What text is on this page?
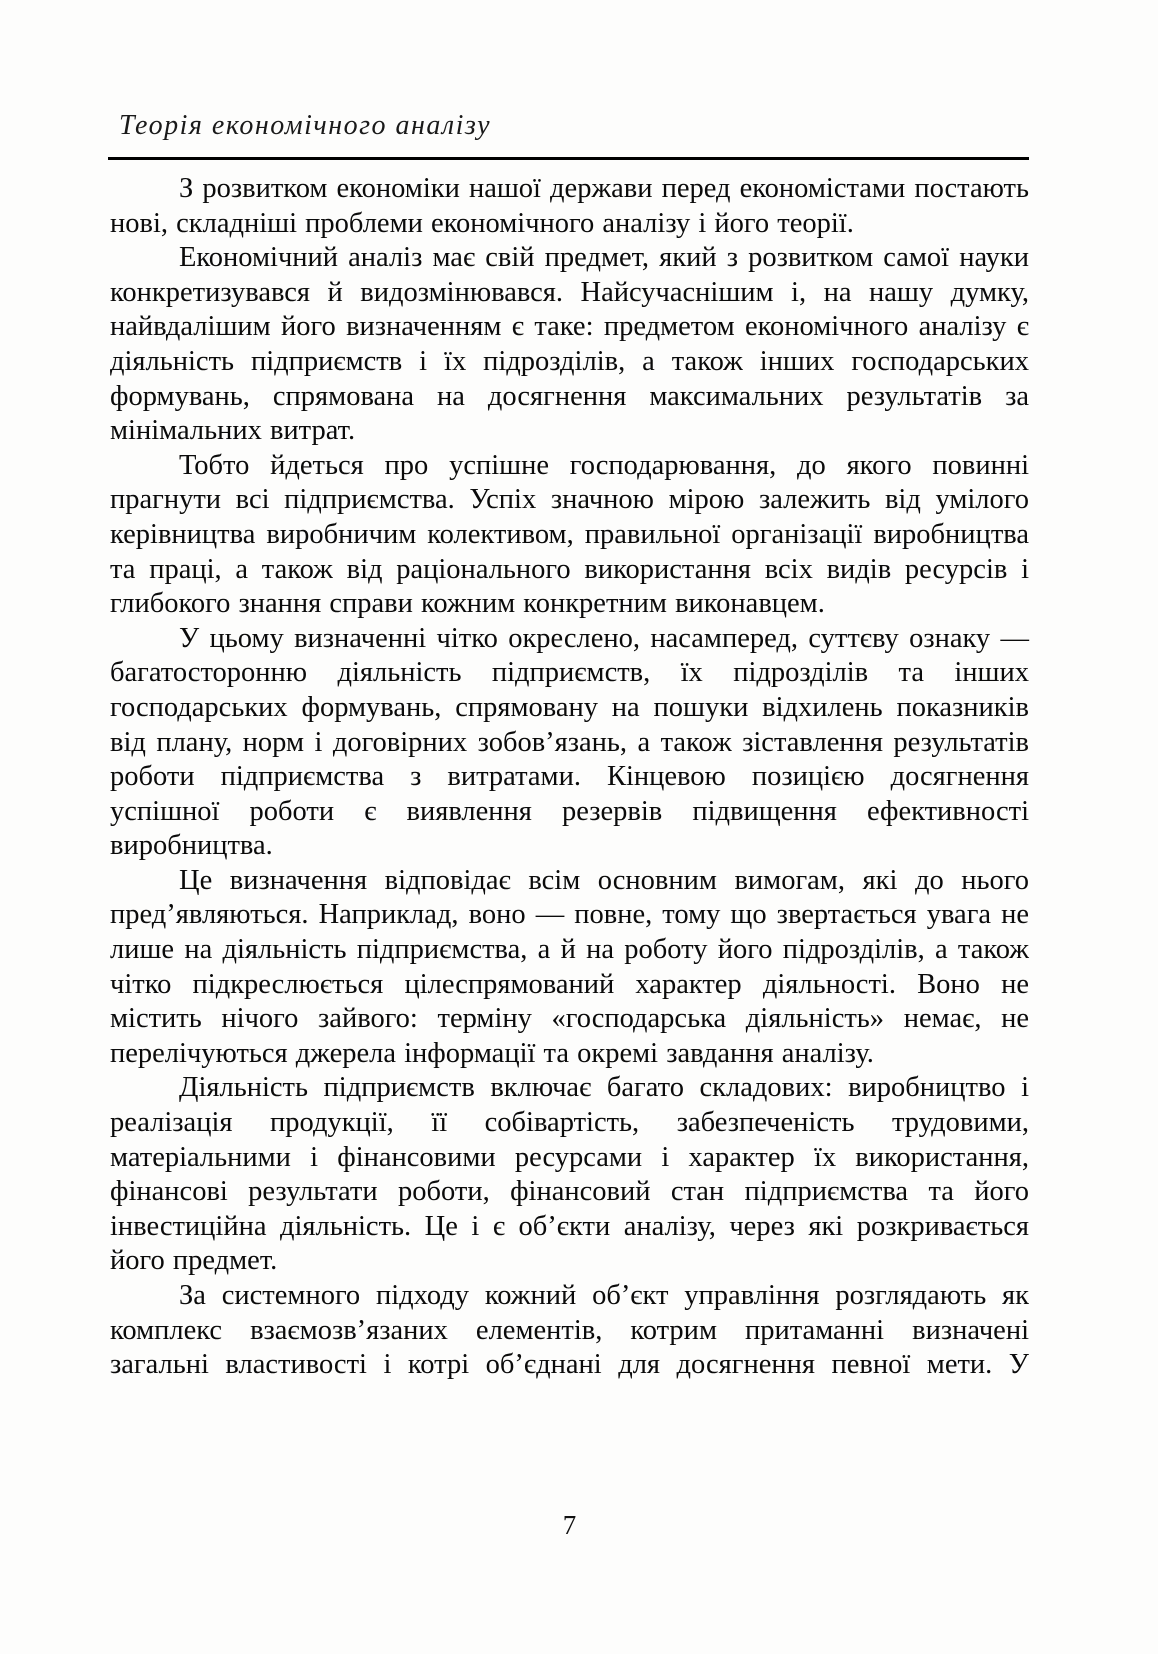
Теорія економічного аналізу

З розвитком економіки нашої держави перед економістами постають нові, складніші проблеми економічного аналізу і його теорії.

Економічний аналіз має свій предмет, який з розвитком самої науки конкретизувався й видозмінювався. Найсучаснішим і, на нашу думку, найвдалішим його визначенням є таке: предметом економічного аналізу є діяльність підприємств і їх підрозділів, а також інших господарських формувань, спрямована на досягнення максимальних результатів за мінімальних витрат.

Тобто йдеться про успішне господарювання, до якого повинні прагнути всі підприємства. Успіх значною мірою залежить від умілого керівництва виробничим колективом, правильної організації виробництва та праці, а також від раціонального використання всіх видів ресурсів і глибокого знання справи кожним конкретним виконавцем.

У цьому визначенні чітко окреслено, насамперед, суттєву ознаку — багатосторонню діяльність підприємств, їх підрозділів та інших господарських формувань, спрямовану на пошуки відхилень показників від плану, норм і договірних зобов’язань, а також зіставлення результатів роботи підприємства з витратами. Кінцевою позицією досягнення успішної роботи є виявлення резервів підвищення ефективності виробництва.

Це визначення відповідає всім основним вимогам, які до нього пред’являються. Наприклад, воно — повне, тому що звертається увага не лише на діяльність підприємства, а й на роботу його підрозділів, а також чітко підкреслюється цілеспрямований характер діяльності. Воно не містить нічого зайвого: терміну «господарська діяльність» немає, не перелічуються джерела інформації та окремі завдання аналізу.

Діяльність підприємств включає багато складових: виробництво і реалізація продукції, її собівартість, забезпеченість трудовими, матеріальними і фінансовими ресурсами і характер їх використання, фінансові результати роботи, фінансовий стан підприємства та його інвестиційна діяльність. Це і є об’єкти аналізу, через які розкривається його предмет.

За системного підходу кожний об’єкт управління розглядають як комплекс взаємозв’язаних елементів, котрим притаманні визначені загальні властивості і котрі об’єднані для досягнення певної мети. У

7
